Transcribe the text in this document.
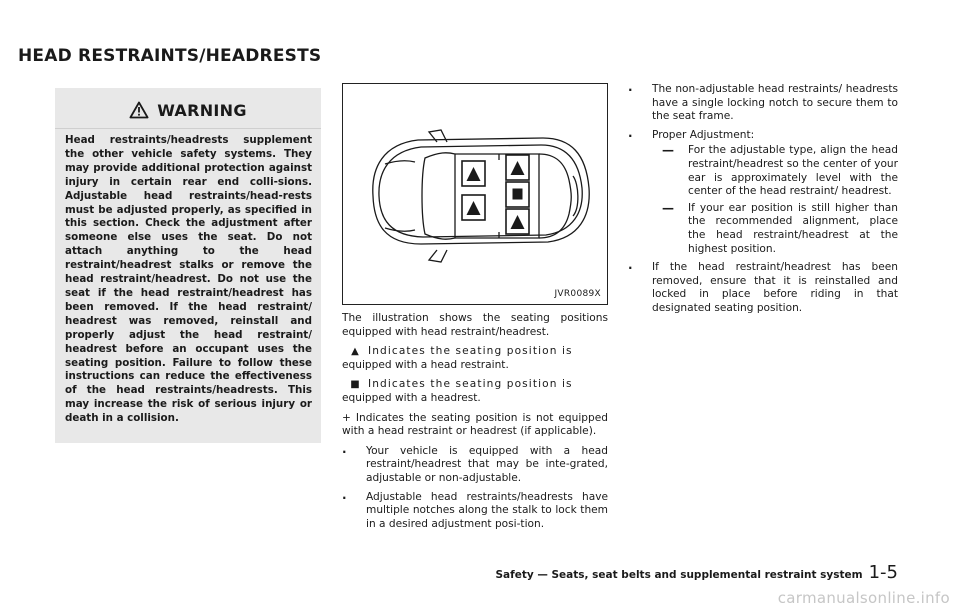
HEAD RESTRAINTS/HEADRESTS
WARNING

Head restraints/headrests supplement the other vehicle safety systems. They may provide additional protection against injury in certain rear end colli-sions. Adjustable head restraints/head-rests must be adjusted properly, as specified in this section. Check the adjustment after someone else uses the seat. Do not attach anything to the head restraint/headrest stalks or remove the head restraint/headrest. Do not use the seat if the head restraint/headrest has been removed. If the head restraint/ headrest was removed, reinstall and properly adjust the head restraint/ headrest before an occupant uses the seating position. Failure to follow these instructions can reduce the effectiveness of the head restraints/headrests. This may increase the risk of serious injury or death in a collision.

JVR0089X

The illustration shows the seating positions equipped with head restraint/headrest.

▲ Indicates the seating position is

equipped with a head restraint.

■ Indicates the seating position is

equipped with a headrest.

+ Indicates the seating position is not equipped with a head restraint or headrest (if applicable).

. Your vehicle is equipped with a head restraint/headrest that may be inte-grated, adjustable or non-adjustable.
. Adjustable head restraints/headrests have multiple notches along the stalk to lock them in a desired adjustment posi-tion.
. The non-adjustable head restraints/ headrests have a single locking notch to secure them to the seat frame.
. Proper Adjustment:
— For the adjustable type, align the head restraint/headrest so the center of your ear is approximately level with the center of the head restraint/ headrest.
— If your ear position is still higher than the recommended alignment, place the head restraint/headrest at the highest position.
. If the head restraint/headrest has been removed, ensure that it is reinstalled and locked in place before riding in that designated seating position.
Safety — Seats, seat belts and supplemental restraint system 1-5
carmanualsonline.info
